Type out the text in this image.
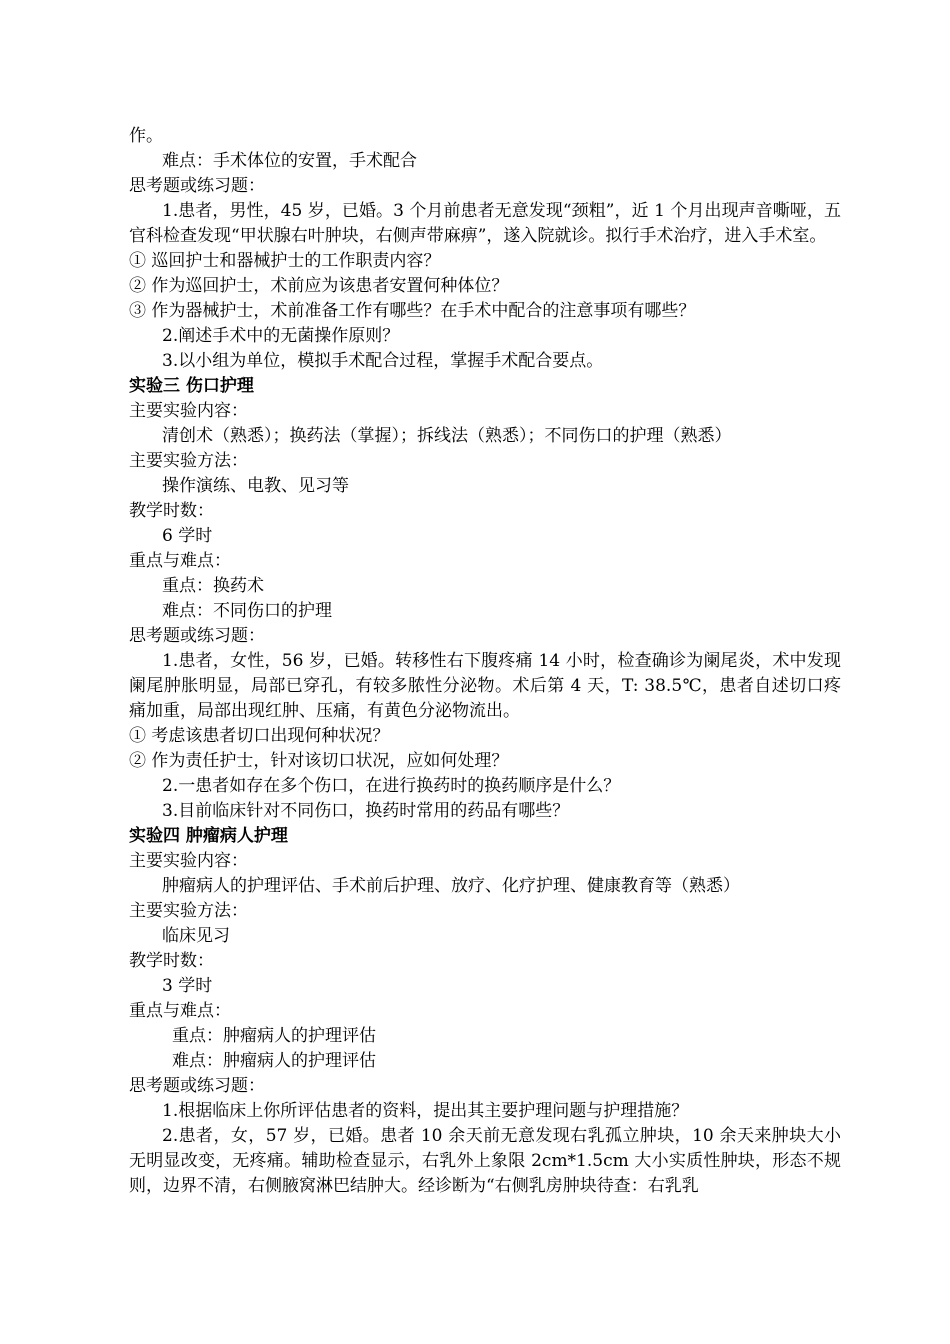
作。
难点：手术体位的安置，手术配合
思考题或练习题：
1.患者，男性，45 岁，已婚。3 个月前患者无意发现“颈粗”，近 1 个月出现声音嘶哑，五官科检查发现“甲状腺右叶肿块，右侧声带麻痹”，遂入院就诊。拟行手术治疗，进入手术室。
① 巡回护士和器械护士的工作职责内容？
② 作为巡回护士，术前应为该患者安置何种体位？
③ 作为器械护士，术前准备工作有哪些？在手术中配合的注意事项有哪些？
2.阐述手术中的无菌操作原则？
3.以小组为单位，模拟手术配合过程，掌握手术配合要点。
实验三 伤口护理
主要实验内容：
清创术（熟悉）；换药法（掌握）；拆线法（熟悉）；不同伤口的护理（熟悉）
主要实验方法：
操作演练、电教、见习等
教学时数：
6 学时
重点与难点：
重点：换药术
难点：不同伤口的护理
思考题或练习题：
1.患者，女性，56 岁，已婚。转移性右下腹疼痛 14 小时，检查确诊为阑尾炎，术中发现阑尾肿胀明显，局部已穿孔，有较多脓性分泌物。术后第 4 天，T: 38.5℃，患者自述切口疼痛加重，局部出现红肿、压痛，有黄色分泌物流出。
① 考虑该患者切口出现何种状况？
② 作为责任护士，针对该切口状况，应如何处理？
2.一患者如存在多个伤口，在进行换药时的换药顺序是什么？
3.目前临床针对不同伤口，换药时常用的药品有哪些？
实验四 肿瘤病人护理
主要实验内容：
肿瘤病人的护理评估、手术前后护理、放疗、化疗护理、健康教育等（熟悉）
主要实验方法：
临床见习
教学时数：
3 学时
重点与难点：
重点：肿瘤病人的护理评估
难点：肿瘤病人的护理评估
思考题或练习题：
1.根据临床上你所评估患者的资料，提出其主要护理问题与护理措施？
2.患者，女，57 岁，已婚。患者 10 余天前无意发现右乳孤立肿块，10 余天来肿块大小无明显改变，无疼痛。辅助检查显示，右乳外上象限 2cm*1.5cm 大小实质性肿块，形态不规则，边界不清，右侧腋窝淋巴结肿大。经诊断为“右侧乳房肿块待查：右乳乳
